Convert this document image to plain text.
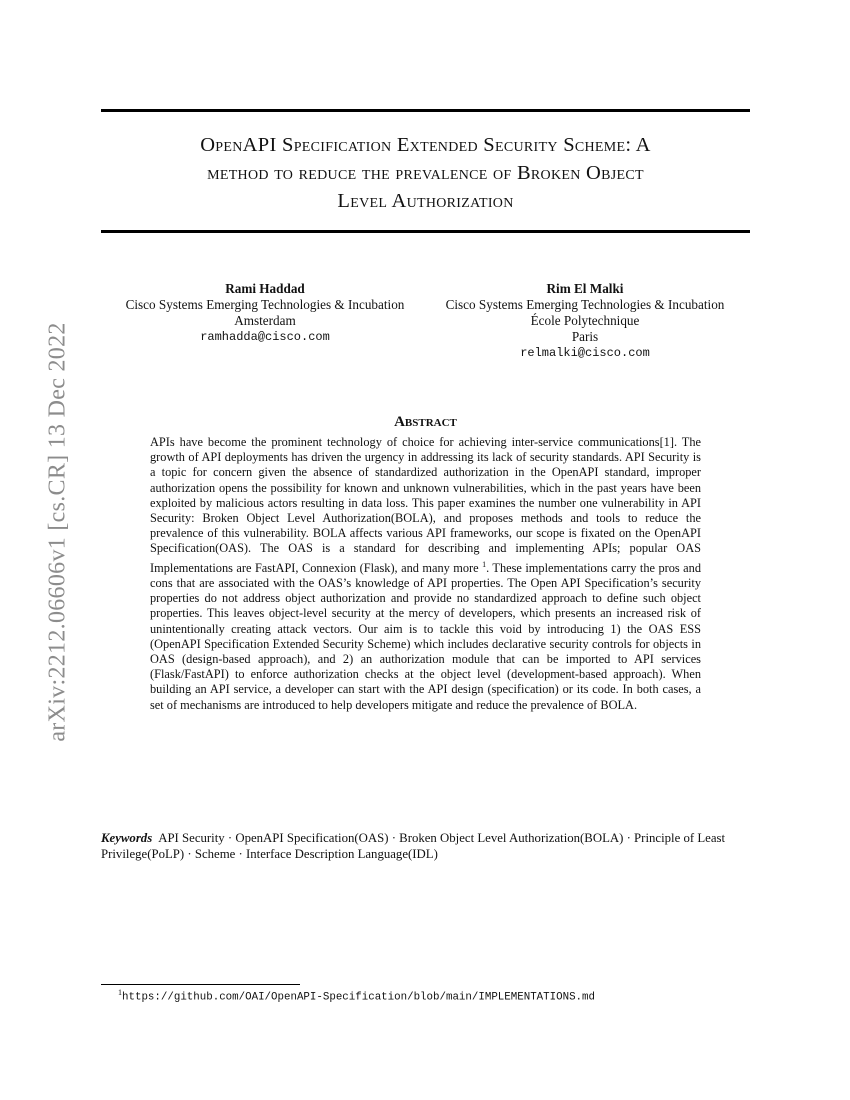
arXiv:2212.06606v1 [cs.CR] 13 Dec 2022
OpenAPI Specification Extended Security Scheme: A
method to reduce the prevalence of Broken Object
Level Authorization
Rami Haddad
Cisco Systems Emerging Technologies & Incubation
Amsterdam
ramhadda@cisco.com
Rim El Malki
Cisco Systems Emerging Technologies & Incubation
École Polytechnique
Paris
relmalki@cisco.com
Abstract

APIs have become the prominent technology of choice for achieving inter-service communications[1]. The growth of API deployments has driven the urgency in addressing its lack of security standards. API Security is a topic for concern given the absence of standardized authorization in the OpenAPI standard, improper authorization opens the possibility for known and unknown vulnerabilities, which in the past years have been exploited by malicious actors resulting in data loss. This paper examines the number one vulnerability in API Security: Broken Object Level Authorization(BOLA), and proposes methods and tools to reduce the prevalence of this vulnerability. BOLA affects various API frameworks, our scope is fixated on the OpenAPI Specification(OAS). The OAS is a standard for describing and implementing APIs; popular OAS Implementations are FastAPI, Connexion (Flask), and many more $^1$. These implementations carry the pros and cons that are associated with the OAS’s knowledge of API properties. The Open API Specification’s security properties do not address object authorization and provide no standardized approach to define such object properties. This leaves object-level security at the mercy of developers, which presents an increased risk of unintentionally creating attack vectors. Our aim is to tackle this void by introducing 1) the OAS ESS (OpenAPI Specification Extended Security Scheme) which includes declarative security controls for objects in OAS (design-based approach), and 2) an authorization module that can be imported to API services (Flask/FastAPI) to enforce authorization checks at the object level (development-based approach). When building an API service, a developer can start with the API design (specification) or its code. In both cases, a set of mechanisms are introduced to help developers mitigate and reduce the prevalence of BOLA.

Keywords API Security · OpenAPI Specification(OAS) · Broken Object Level Authorization(BOLA) · Principle of Least Privilege(PoLP) · Scheme · Interface Description Language(IDL)

$^1$https://github.com/OAI/OpenAPI-Specification/blob/main/IMPLEMENTATIONS.md
